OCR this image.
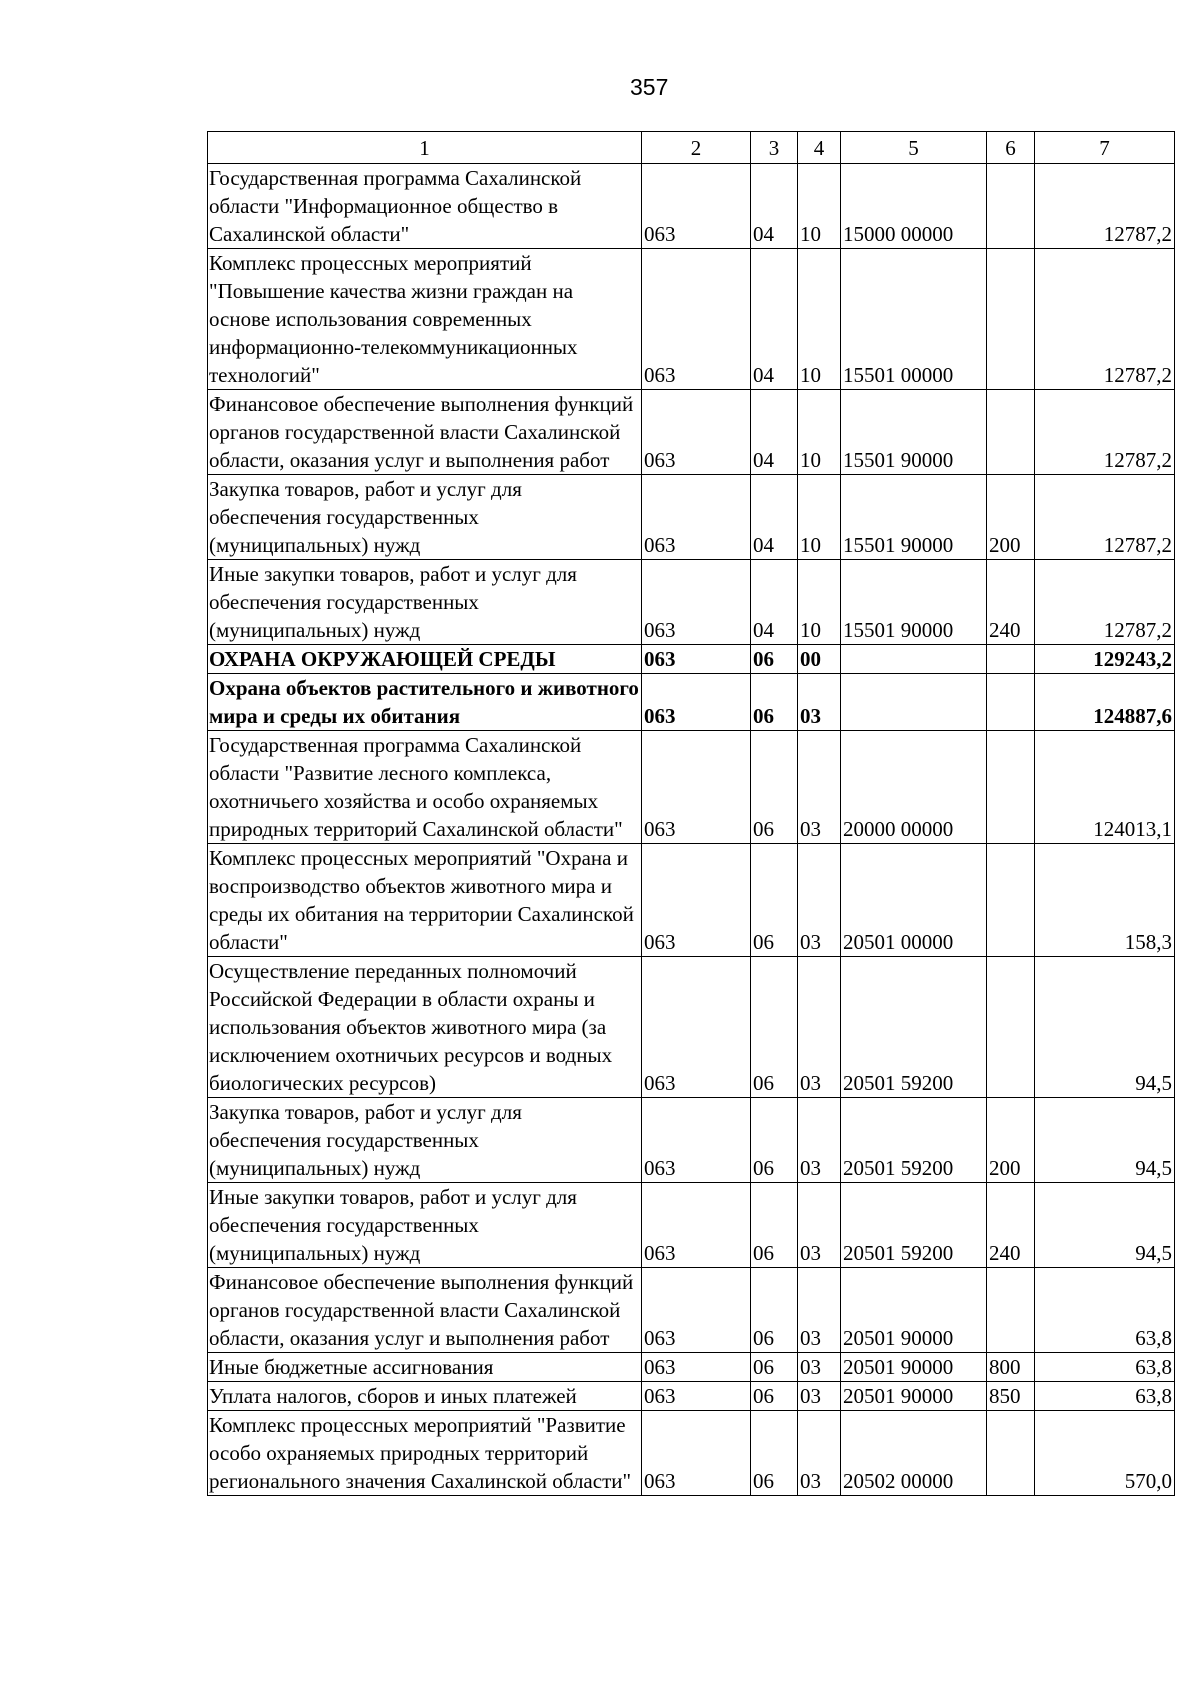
357
1	2	3	4	5	6	7
Государственная программа Сахалинской области "Информационное общество в Сахалинской области"	063	04	10	15000 00000		12787,2
Комплекс процессных мероприятий "Повышение качества жизни граждан на основе использования современных информационно-телекоммуникационных технологий"	063	04	10	15501 00000		12787,2
Финансовое обеспечение выполнения функций органов государственной власти Сахалинской области, оказания услуг и выполнения работ	063	04	10	15501 90000		12787,2
Закупка товаров, работ и услуг для обеспечения государственных (муниципальных) нужд	063	04	10	15501 90000	200	12787,2
Иные закупки товаров, работ и услуг для обеспечения государственных (муниципальных) нужд	063	04	10	15501 90000	240	12787,2
ОХРАНА ОКРУЖАЮЩЕЙ СРЕДЫ	063	06	00			129243,2
Охрана объектов растительного и животного мира и среды их обитания	063	06	03			124887,6
Государственная программа Сахалинской области "Развитие лесного комплекса, охотничьего хозяйства и особо охраняемых природных территорий Сахалинской области"	063	06	03	20000 00000		124013,1
Комплекс процессных мероприятий "Охрана и воспроизводство объектов животного мира и среды их обитания на территории Сахалинской области"	063	06	03	20501 00000		158,3
Осуществление переданных полномочий Российской Федерации в области охраны и использования объектов животного мира (за исключением охотничьих ресурсов и водных биологических ресурсов)	063	06	03	20501 59200		94,5
Закупка товаров, работ и услуг для обеспечения государственных (муниципальных) нужд	063	06	03	20501 59200	200	94,5
Иные закупки товаров, работ и услуг для обеспечения государственных (муниципальных) нужд	063	06	03	20501 59200	240	94,5
Финансовое обеспечение выполнения функций органов государственной власти Сахалинской области, оказания услуг и выполнения работ	063	06	03	20501 90000		63,8
Иные бюджетные ассигнования	063	06	03	20501 90000	800	63,8
Уплата налогов, сборов и иных платежей	063	06	03	20501 90000	850	63,8
Комплекс процессных мероприятий "Развитие особо охраняемых природных территорий регионального значения Сахалинской области"	063	06	03	20502 00000		570,0
